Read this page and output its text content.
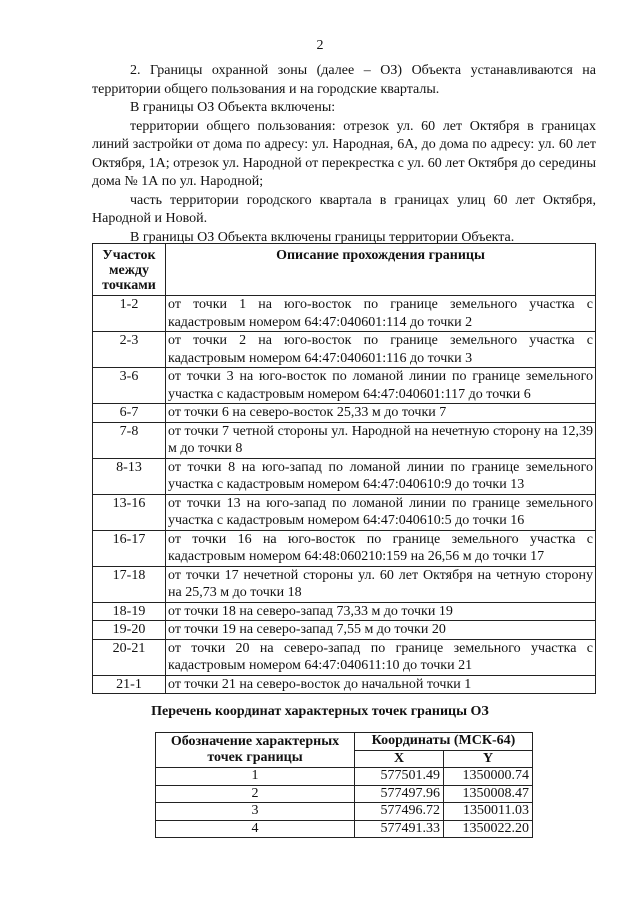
2

2. Границы охранной зоны (далее – ОЗ) Объекта устанавливаются на территории общего пользования и на городские кварталы.

В границы ОЗ Объекта включены:

территории общего пользования: отрезок ул. 60 лет Октября в границах линий застройки от дома по адресу: ул. Народная, 6А, до дома по адресу: ул. 60 лет Октября, 1А; отрезок ул. Народной от перекрестка с ул. 60 лет Октября до середины дома № 1А по ул. Народной;

часть территории городского квартала в границах улиц 60 лет Октября, Народной и Новой.

В границы ОЗ Объекта включены границы территории Объекта.

Участок между точками	Описание прохождения границы
1-2	от точки 1 на юго-восток по границе земельного участка с кадастровым номером 64:47:040601:114 до точки 2
2-3	от точки 2 на юго-восток по границе земельного участка с кадастровым номером 64:47:040601:116 до точки 3
3-6	от точки 3 на юго-восток по ломаной линии по границе земельного участка с кадастровым номером 64:47:040601:117 до точки 6
6-7	от точки 6 на северо-восток 25,33 м до точки 7
7-8	от точки 7 четной стороны ул. Народной на нечетную сторону на 12,39 м до точки 8
8-13	от точки 8 на юго-запад по ломаной линии по границе земельного участка с кадастровым номером 64:47:040610:9 до точки 13
13-16	от точки 13 на юго-запад по ломаной линии по границе земельного участка с кадастровым номером 64:47:040610:5 до точки 16
16-17	от точки 16 на юго-восток по границе земельного участка с кадастровым номером 64:48:060210:159 на 26,56 м до точки 17
17-18	от точки 17 нечетной стороны ул. 60 лет Октября на четную сторону на 25,73 м до точки 18
18-19	от точки 18 на северо-запад 73,33 м до точки 19
19-20	от точки 19 на северо-запад 7,55 м до точки 20
20-21	от точки 20 на северо-запад по границе земельного участка с кадастровым номером 64:47:040611:10 до точки 21
21-1	от точки 21 на северо-восток до начальной точки 1
Перечень координат характерных точек границы ОЗ
Обозначение характерных точек границы	Координаты (МСК-64)	
	X	Y
1	577501.49	1350000.74
2	577497.96	1350008.47
3	577496.72	1350011.03
4	577491.33	1350022.20
